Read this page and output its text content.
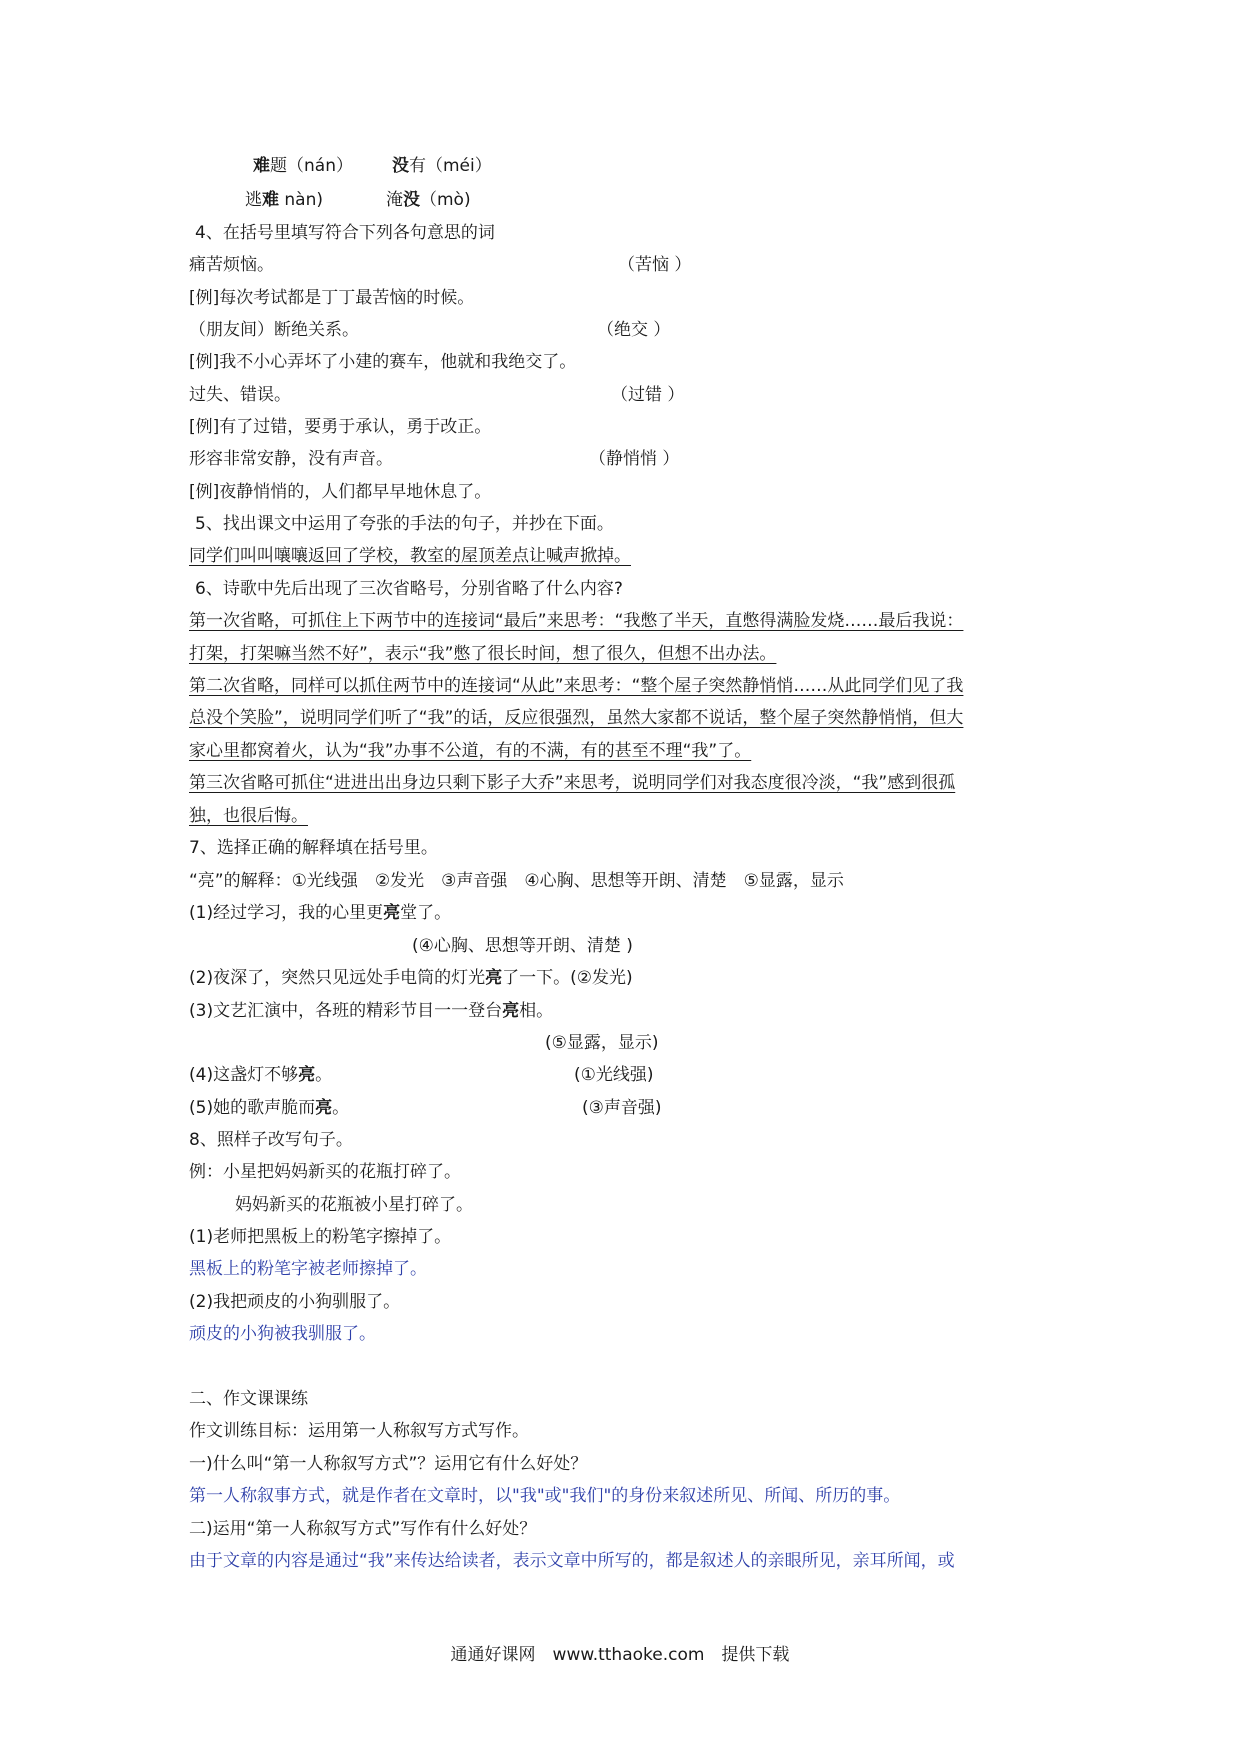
难题（nán） 没有（méi）
逃难 nàn)	淹没（mò)
4、在括号里填写符合下列各句意思的词
痛苦烦恼。	（苦恼 ）
[例]每次考试都是丁丁最苦恼的时候。
（朋友间）断绝关系。	（绝交 ）
[例]我不小心弄坏了小建的赛车，他就和我绝交了。
过失、错误。	（过错 ）
[例]有了过错，要勇于承认，勇于改正。
形容非常安静，没有声音。	（静悄悄 ）
[例]夜静悄悄的，人们都早早地休息了。
5、找出课文中运用了夸张的手法的句子，并抄在下面。
同学们叫叫嚷嚷返回了学校，教室的屋顶差点让喊声掀掉。
6、诗歌中先后出现了三次省略号，分别省略了什么内容?
第一次省略，可抓住上下两节中的连接词“最后”来思考：“我憋了半天，直憋得满脸发烧……最后我说：
打架，打架嘛当然不好”，表示“我”憋了很长时间，想了很久，但想不出办法。
第二次省略，同样可以抓住两节中的连接词“从此”来思考：“整个屋子突然静悄悄……从此同学们见了我
总没个笑脸”，说明同学们听了“我”的话，反应很强烈，虽然大家都不说话，整个屋子突然静悄悄，但大
家心里都窝着火，认为“我”办事不公道，有的不满，有的甚至不理“我”了。
第三次省略可抓住“进进出出身边只剩下影子大乔”来思考，说明同学们对我态度很冷淡，“我”感到很孤
独，也很后悔。
7、选择正确的解释填在括号里。
“亮”的解释：①光线强　②发光　③声音强　④心胸、思想等开朗、清楚　⑤显露，显示
(1)经过学习，我的心里更亮堂了。
(④心胸、思想等开朗、清楚 )
(2)夜深了，突然只见远处手电筒的灯光亮了一下。(②发光)
(3)文艺汇演中，各班的精彩节目一一登台亮相。
(⑤显露，显示)
(4)这盏灯不够亮。	(①光线强)
(5)她的歌声脆而亮。	(③声音强)
8、照样子改写句子。
例：小星把妈妈新买的花瓶打碎了。
妈妈新买的花瓶被小星打碎了。
(1)老师把黑板上的粉笔字擦掉了。
黑板上的粉笔字被老师擦掉了。
(2)我把顽皮的小狗驯服了。
顽皮的小狗被我驯服了。
二、作文课课练
作文训练目标：运用第一人称叙写方式写作。
一)什么叫“第一人称叙写方式”？运用它有什么好处？
第一人称叙事方式，就是作者在文章时，以"我"或"我们"的身份来叙述所见、所闻、所历的事。
二)运用“第一人称叙写方式”写作有什么好处？
由于文章的内容是通过“我”来传达给读者，表示文章中所写的，都是叙述人的亲眼所见，亲耳所闻，或
通通好课网　www.tthaoke.com　提供下载
